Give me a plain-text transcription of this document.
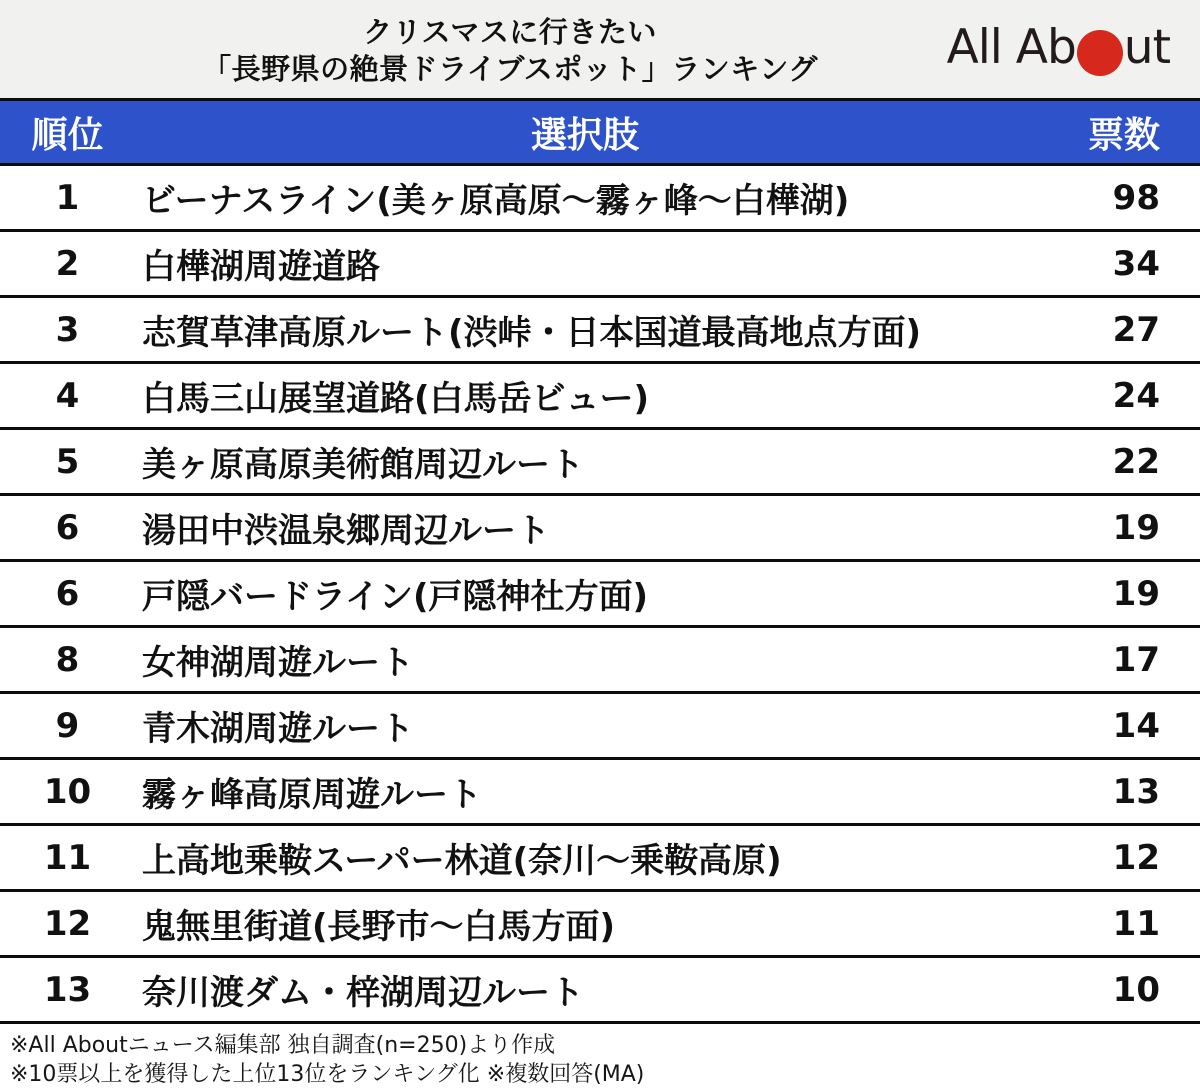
クリスマスに行きたい
「長野県の絶景ドライブスポット」ランキング	All Ab ut
順位	選択肢	票数
1	ビーナスライン(美ヶ原高原〜霧ヶ峰〜白樺湖)	98
2	白樺湖周遊道路	34
3	志賀草津高原ルート(渋峠・日本国道最高地点方面)	27
4	白馬三山展望道路(白馬岳ビュー)	24
5	美ヶ原高原美術館周辺ルート	22
6	湯田中渋温泉郷周辺ルート	19
6	戸隠バードライン(戸隠神社方面)	19
8	女神湖周遊ルート	17
9	青木湖周遊ルート	14
10	霧ヶ峰高原周遊ルート	13
11	上高地乗鞍スーパー林道(奈川〜乗鞍高原)	12
12	鬼無里街道(長野市〜白馬方面)	11
13	奈川渡ダム・梓湖周辺ルート	10
※All Aboutニュース編集部 独自調査(n=250)より作成
※10票以上を獲得した上位13位をランキング化 ※複数回答(MA)
